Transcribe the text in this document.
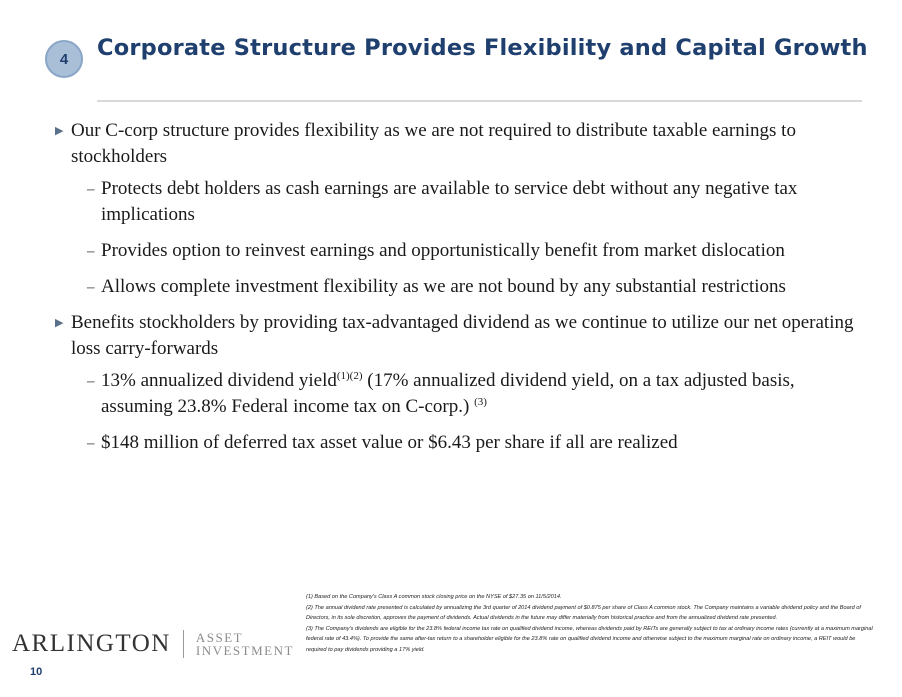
4	Corporate Structure Provides Flexibility and Capital Growth
▶ Our C-corp structure provides flexibility as we are not required to distribute taxable earnings to stockholders
– Protects debt holders as cash earnings are available to service debt without any negative tax implications
– Provides option to reinvest earnings and opportunistically benefit from market dislocation
– Allows complete investment flexibility as we are not bound by any substantial restrictions
▶ Benefits stockholders by providing tax-advantaged dividend as we continue to utilize our net operating loss carry-forwards
– 13% annualized dividend yield$^{(1)(2)}$ (17% annualized dividend yield, on a tax adjusted basis, assuming 23.8% Federal income tax on C-corp.) $^{(3)}$
– $148 million of deferred tax asset value or $6.43 per share if all are realized
(1) Based on the Company's Class A common stock closing price on the NYSE of $27.35 on 11/5/2014.
(2) The annual dividend rate presented is calculated by annualizing the 3rd quarter of 2014 dividend payment of $0.875 per share of Class A common stock. The Company maintains a variable dividend policy and the Board of Directors, in its sole discretion, approves the payment of dividends. Actual dividends in the future may differ materially from historical practice and from the annualized dividend rate presented.
(3) The Company's dividends are eligible for the 23.8% federal income tax rate on qualified dividend income, whereas dividends paid by REITs are generally subject to tax at ordinary income rates (currently at a maximum marginal federal rate of 43.4%). To provide the same after-tax return to a shareholder eligible for the 23.8% rate on qualified dividend income and otherwise subject to the maximum marginal rate on ordinary income, a REIT would be required to pay dividends providing a 17% yield.
ARLINGTON ASSET
INVESTMENT
10
